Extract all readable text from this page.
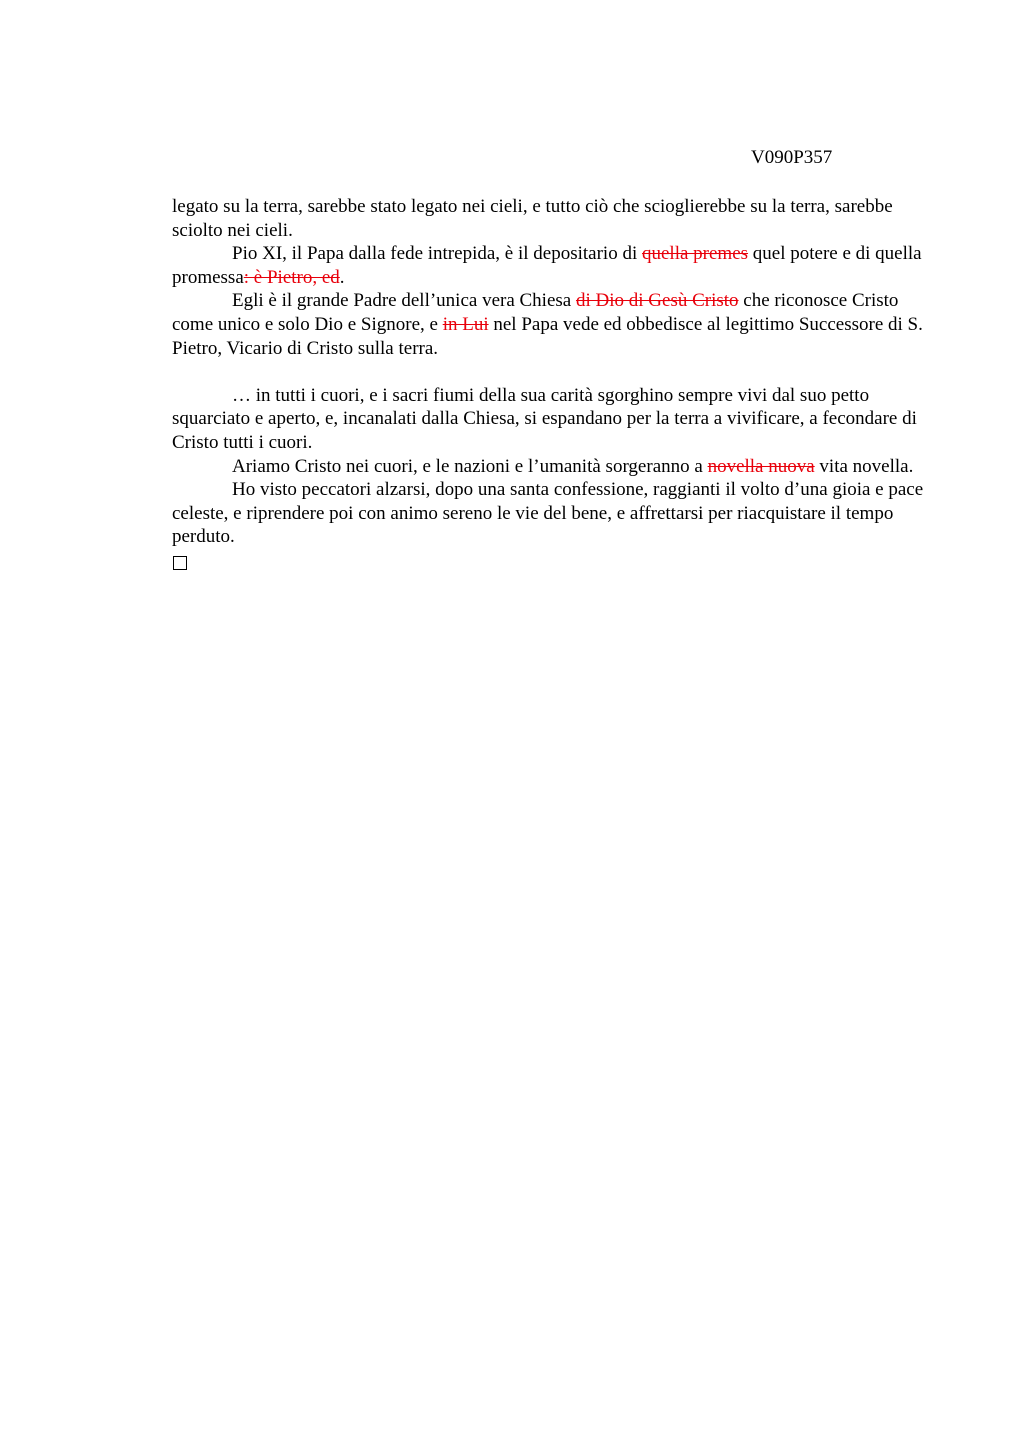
V090P357

legato su la terra, sarebbe stato legato nei cieli, e tutto ciò che scioglierebbe su la terra, sarebbe sciolto nei cieli.

Pio XI, il Papa dalla fede intrepida, è il depositario di quella premes quel potere e di quella promessa: è Pietro, ed.

Egli è il grande Padre dell’unica vera Chiesa di Dio di Gesù Cristo che riconosce Cristo come unico e solo Dio e Signore, e in Lui nel Papa vede ed obbedisce al legittimo Successore di S. Pietro, Vicario di Cristo sulla terra.

… in tutti i cuori, e i sacri fiumi della sua carità sgorghino sempre vivi dal suo petto squarciato e aperto, e, incanalati dalla Chiesa, si espandano per la terra a vivificare, a fecondare di Cristo tutti i cuori.

Ariamo Cristo nei cuori, e le nazioni e l’umanità sorgeranno a novella nuova vita novella.

Ho visto peccatori alzarsi, dopo una santa confessione, raggianti il volto d’una gioia e pace celeste, e riprendere poi con animo sereno le vie del bene, e affrettarsi per riacquistare il tempo perduto.
